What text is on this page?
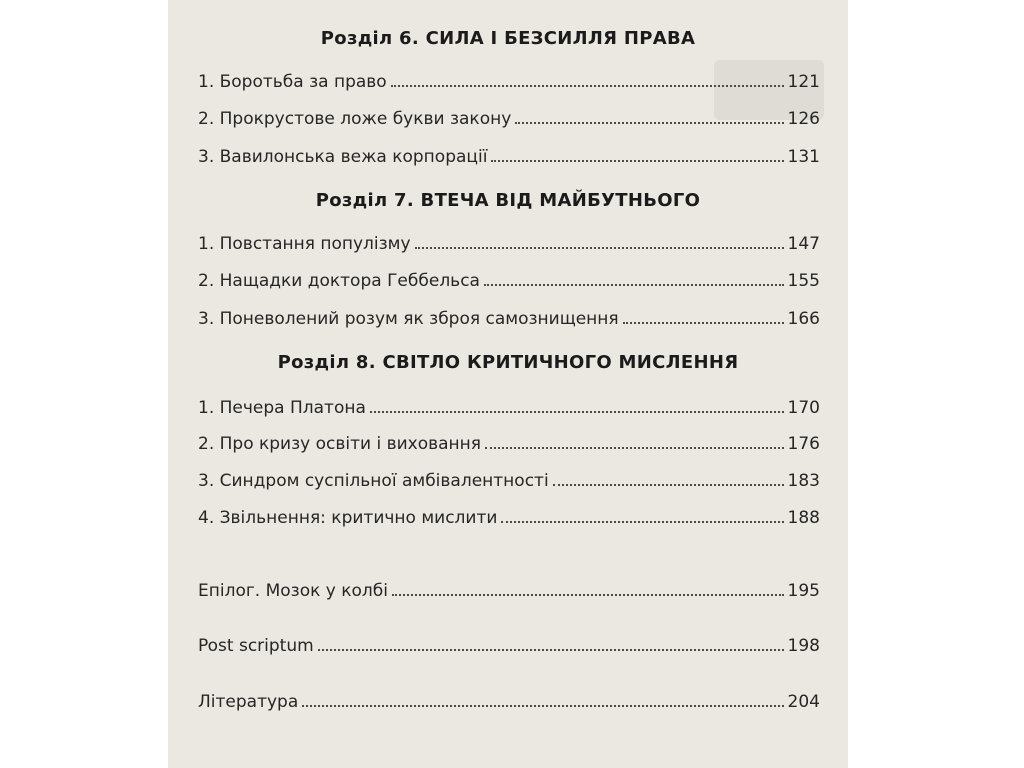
Розділ 6. СИЛА І БЕЗСИЛЛЯ ПРАВА
1. Боротьба за право	121
2. Прокрустове ложе букви закону	126
3. Вавилонська вежа корпорації	131
Розділ 7. ВТЕЧА ВІД МАЙБУТНЬОГО
1. Повстання популізму	147
2. Нащадки доктора Геббельса	155
3. Поневолений розум як зброя самознищення	166
Розділ 8. СВІТЛО КРИТИЧНОГО МИСЛЕННЯ
1. Печера Платона	170
2. Про кризу освіти і виховання	176
3. Синдром суспільної амбівалентності	183
4. Звільнення: критично мислити	188
Епілог. Мозок у колбі	195
Post scriptum	198
Література	204
